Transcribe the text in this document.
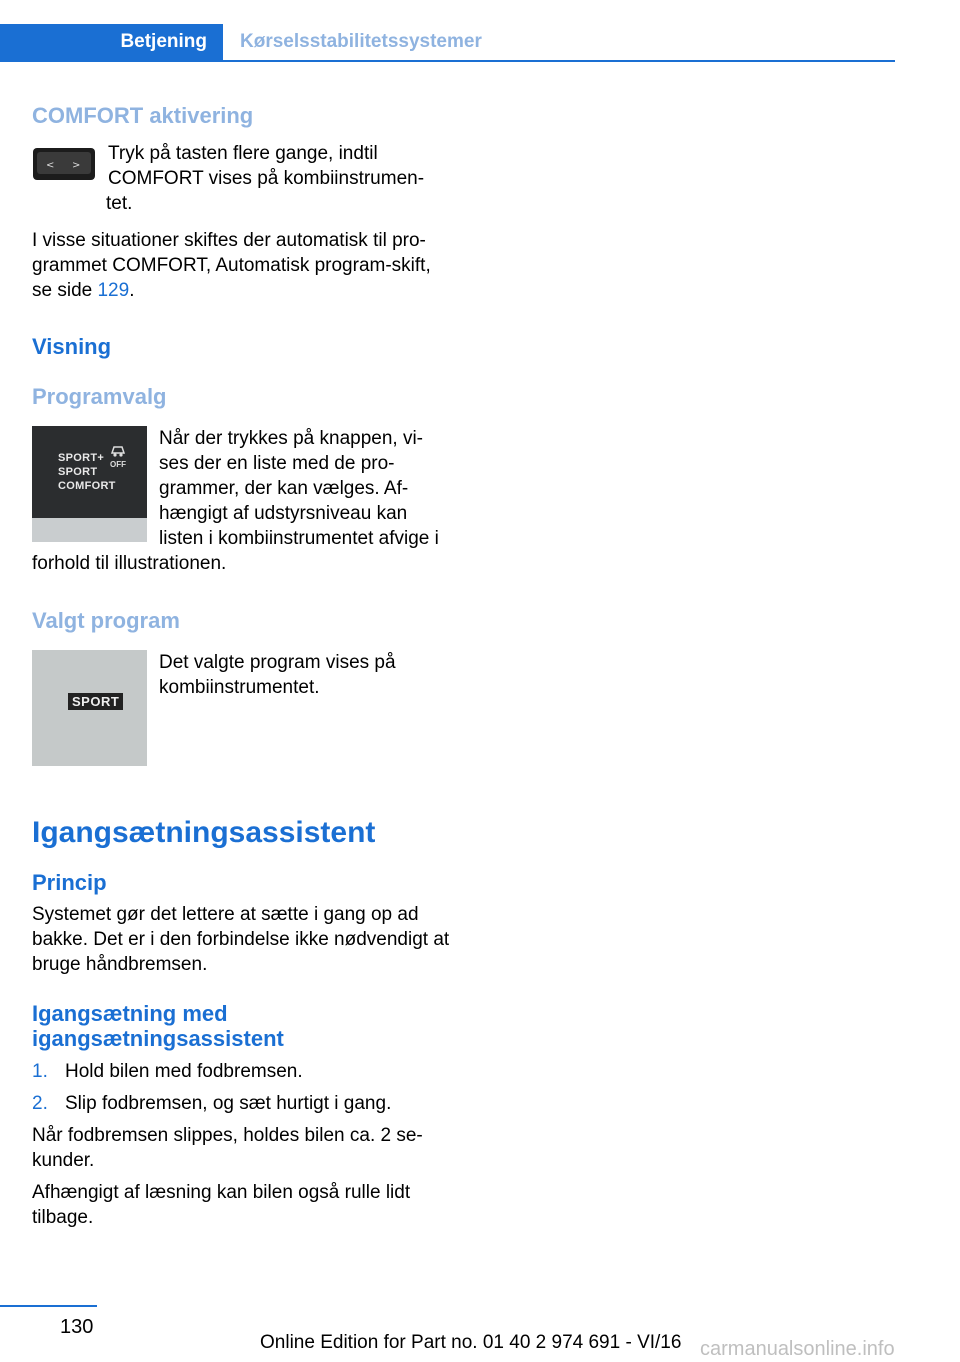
Betjening	Kørselsstabilitetssystemer
COMFORT aktivering
< >

Tryk på tasten flere gange, indtil COMFORT vises på kombiinstrumen-tet.

I visse situationer skiftes der automatisk til pro-grammet COMFORT, Automatisk program-skift, se side 129.

Visning
Programvalg
SPORT+
SPORT
COMFORT
OFF

Når der trykkes på knappen, vi-ses der en liste med de pro-grammer, der kan vælges. Af-hængigt af udstyrsniveau kan listen i kombiinstrumentet afvige i forhold til illustrationen.

Valgt program
SPORT

Det valgte program vises på kombiinstrumentet.

Igangsætningsassistent
Princip

Systemet gør det lettere at sætte i gang op ad bakke. Det er i den forbindelse ikke nødvendigt at bruge håndbremsen.

Igangsætning med
igangsætningsassistent
1. Hold bilen med fodbremsen.
2. Slip fodbremsen, og sæt hurtigt i gang.

Når fodbremsen slippes, holdes bilen ca. 2 se-kunder.

Afhængigt af læsning kan bilen også rulle lidt tilbage.

130
Online Edition for Part no. 01 40 2 974 691 - VI/16 carmanualsonline.info
